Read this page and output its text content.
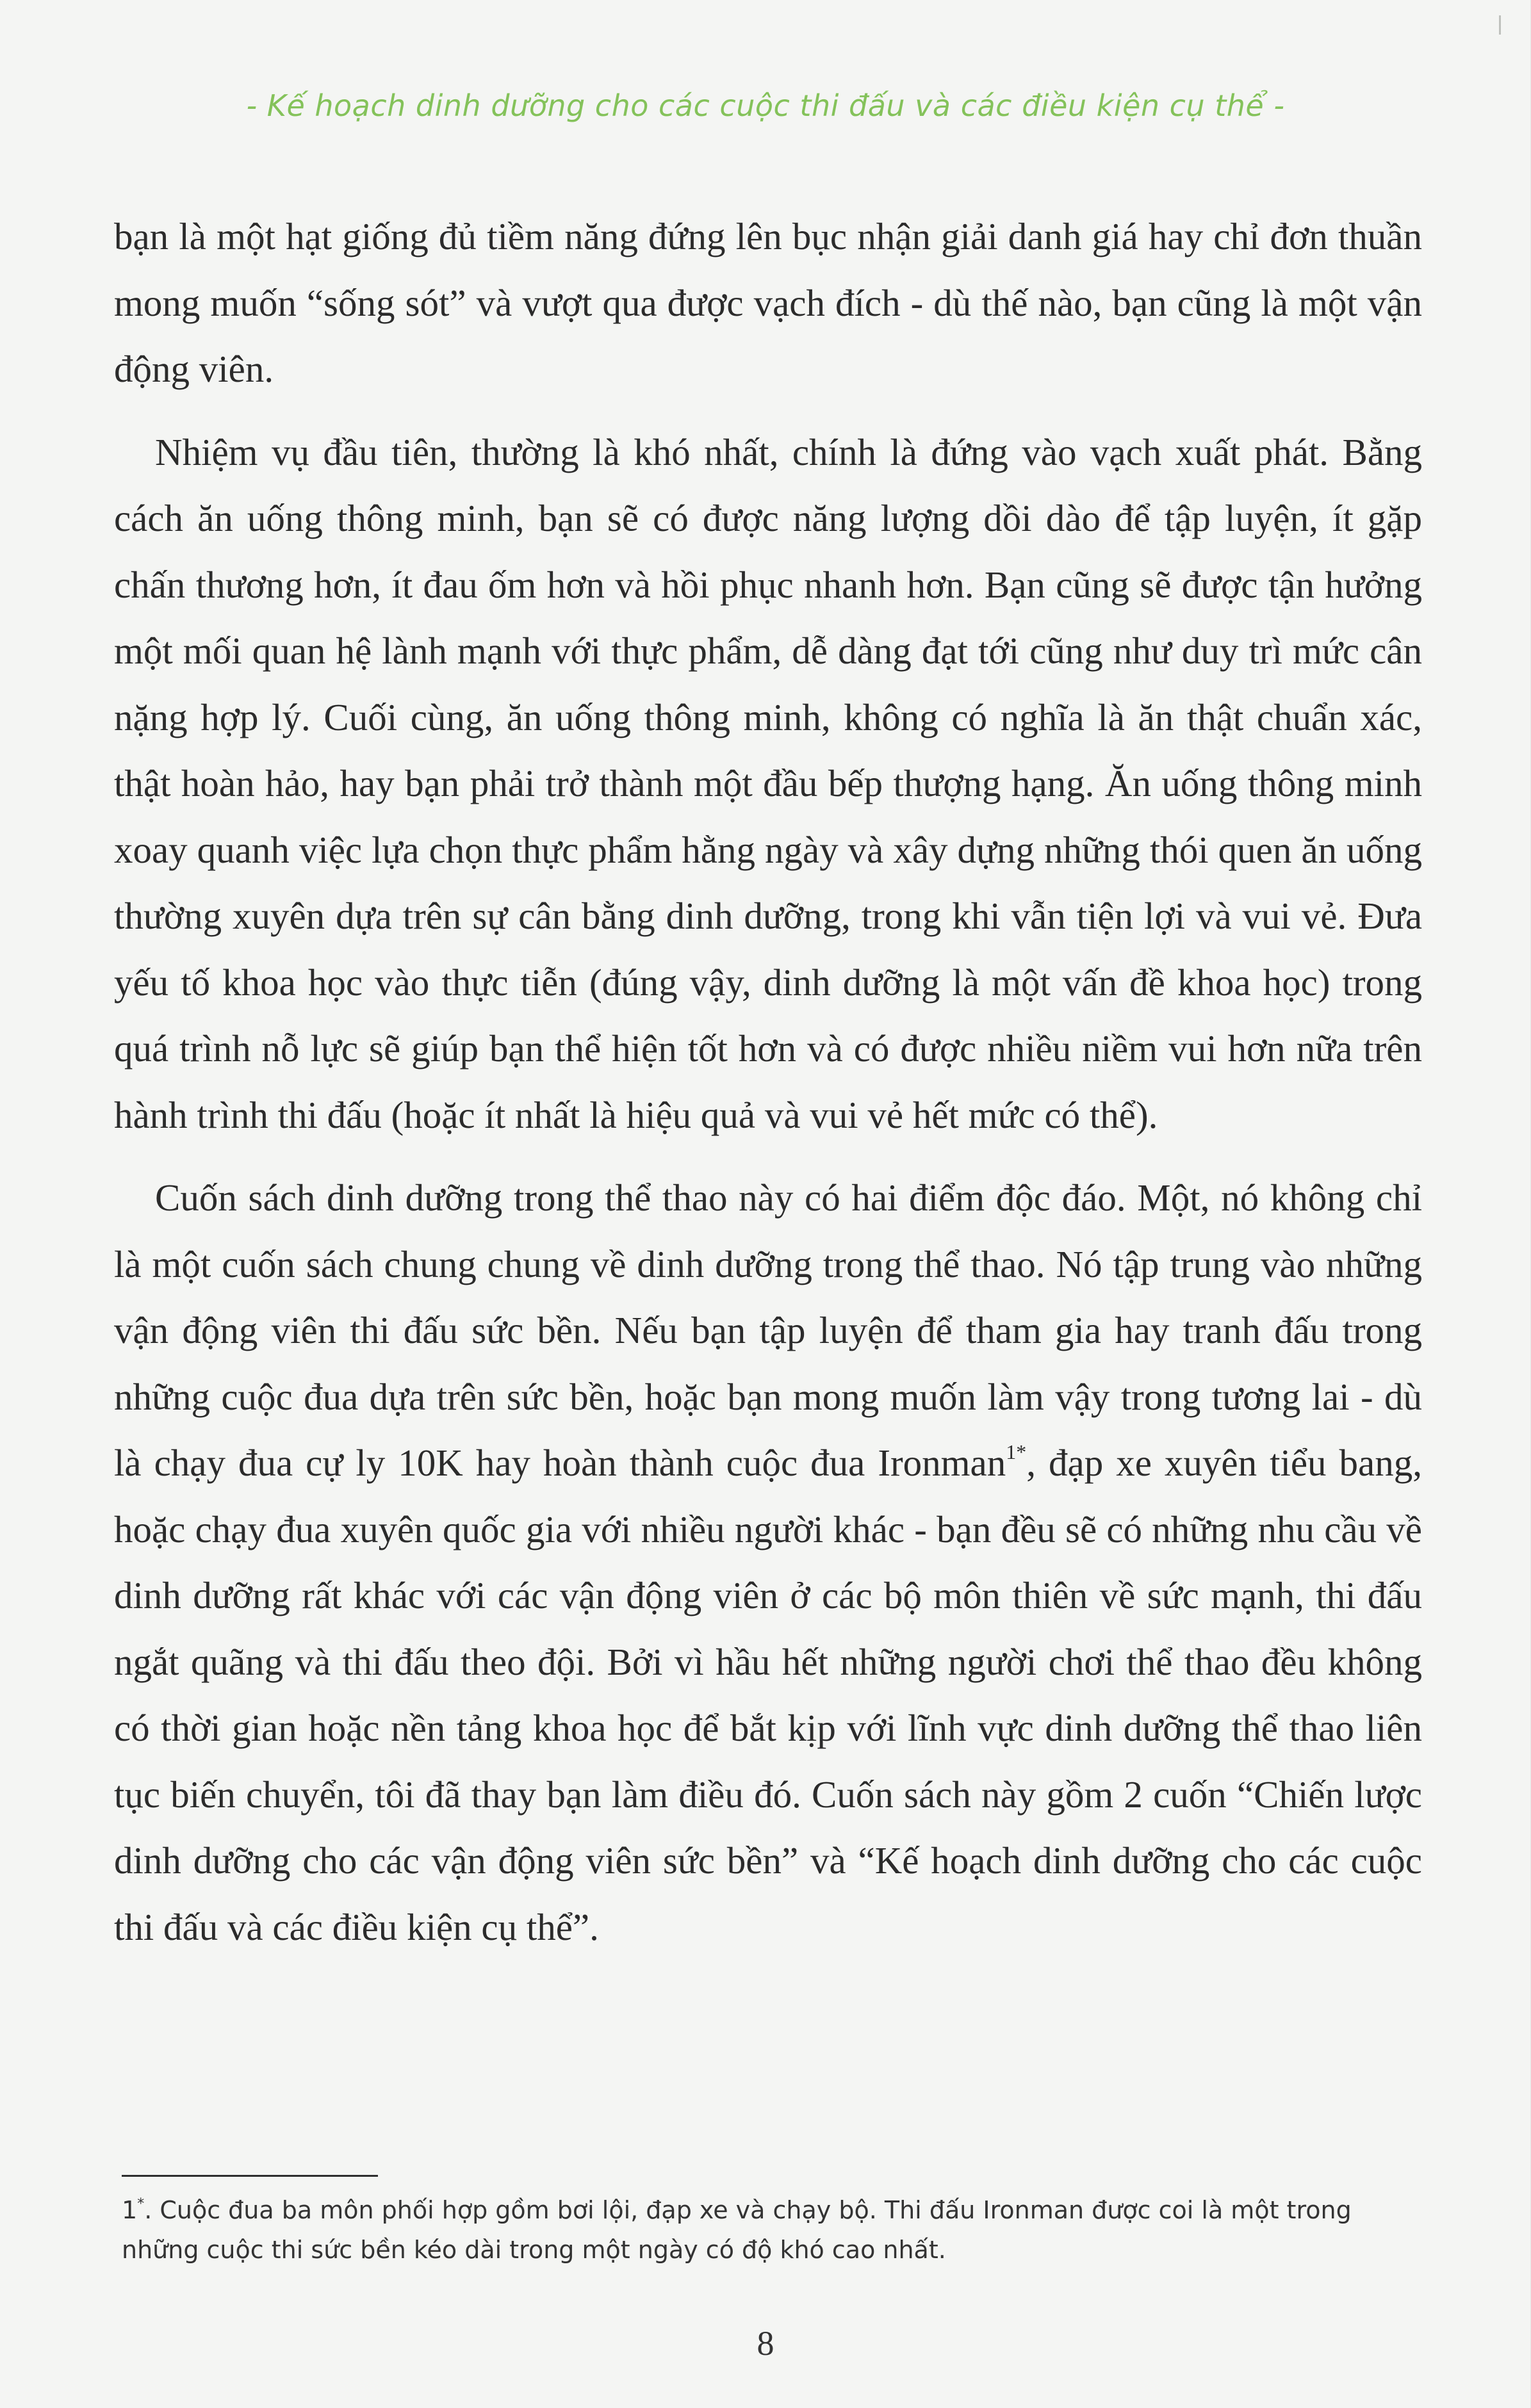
- Kế hoạch dinh dưỡng cho các cuộc thi đấu và các điều kiện cụ thể -

bạn là một hạt giống đủ tiềm năng đứng lên bục nhận giải danh giá hay chỉ đơn thuần mong muốn “sống sót” và vượt qua được vạch đích - dù thế nào, bạn cũng là một vận động viên.

Nhiệm vụ đầu tiên, thường là khó nhất, chính là đứng vào vạch xuất phát. Bằng cách ăn uống thông minh, bạn sẽ có được năng lượng dồi dào để tập luyện, ít gặp chấn thương hơn, ít đau ốm hơn và hồi phục nhanh hơn. Bạn cũng sẽ được tận hưởng một mối quan hệ lành mạnh với thực phẩm, dễ dàng đạt tới cũng như duy trì mức cân nặng hợp lý. Cuối cùng, ăn uống thông minh, không có nghĩa là ăn thật chuẩn xác, thật hoàn hảo, hay bạn phải trở thành một đầu bếp thượng hạng. Ăn uống thông minh xoay quanh việc lựa chọn thực phẩm hằng ngày và xây dựng những thói quen ăn uống thường xuyên dựa trên sự cân bằng dinh dưỡng, trong khi vẫn tiện lợi và vui vẻ. Đưa yếu tố khoa học vào thực tiễn (đúng vậy, dinh dưỡng là một vấn đề khoa học) trong quá trình nỗ lực sẽ giúp bạn thể hiện tốt hơn và có được nhiều niềm vui hơn nữa trên hành trình thi đấu (hoặc ít nhất là hiệu quả và vui vẻ hết mức có thể).

Cuốn sách dinh dưỡng trong thể thao này có hai điểm độc đáo. Một, nó không chỉ là một cuốn sách chung chung về dinh dưỡng trong thể thao. Nó tập trung vào những vận động viên thi đấu sức bền. Nếu bạn tập luyện để tham gia hay tranh đấu trong những cuộc đua dựa trên sức bền, hoặc bạn mong muốn làm vậy trong tương lai - dù là chạy đua cự ly 10K hay hoàn thành cuộc đua Ironman$^{1*}$, đạp xe xuyên tiểu bang, hoặc chạy đua xuyên quốc gia với nhiều người khác - bạn đều sẽ có những nhu cầu về dinh dưỡng rất khác với các vận động viên ở các bộ môn thiên về sức mạnh, thi đấu ngắt quãng và thi đấu theo đội. Bởi vì hầu hết những người chơi thể thao đều không có thời gian hoặc nền tảng khoa học để bắt kịp với lĩnh vực dinh dưỡng thể thao liên tục biến chuyển, tôi đã thay bạn làm điều đó. Cuốn sách này gồm 2 cuốn “Chiến lược dinh dưỡng cho các vận động viên sức bền” và “Kế hoạch dinh dưỡng cho các cuộc thi đấu và các điều kiện cụ thể”.

1*. Cuộc đua ba môn phối hợp gồm bơi lội, đạp xe và chạy bộ. Thi đấu Ironman được coi là một trong những cuộc thi sức bền kéo dài trong một ngày có độ khó cao nhất.
8
